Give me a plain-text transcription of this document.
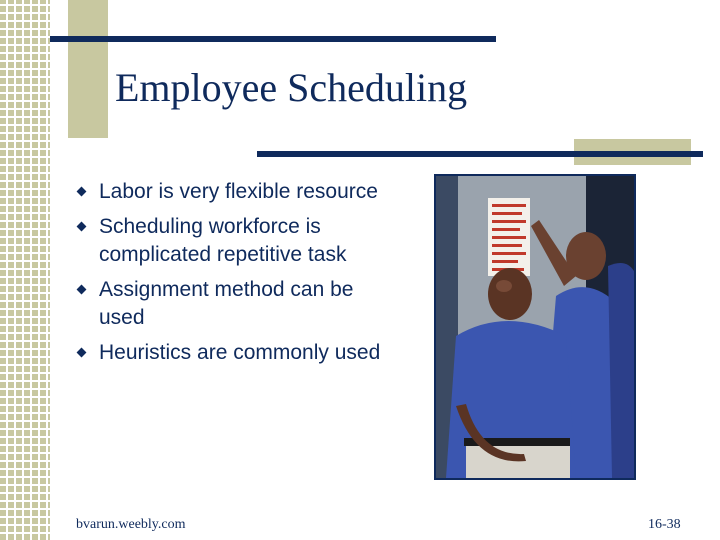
Employee Scheduling
Labor is very flexible resource
Scheduling workforce is complicated repetitive task
Assignment method can be used
Heuristics are commonly used
bvarun.weebly.com	16-38
